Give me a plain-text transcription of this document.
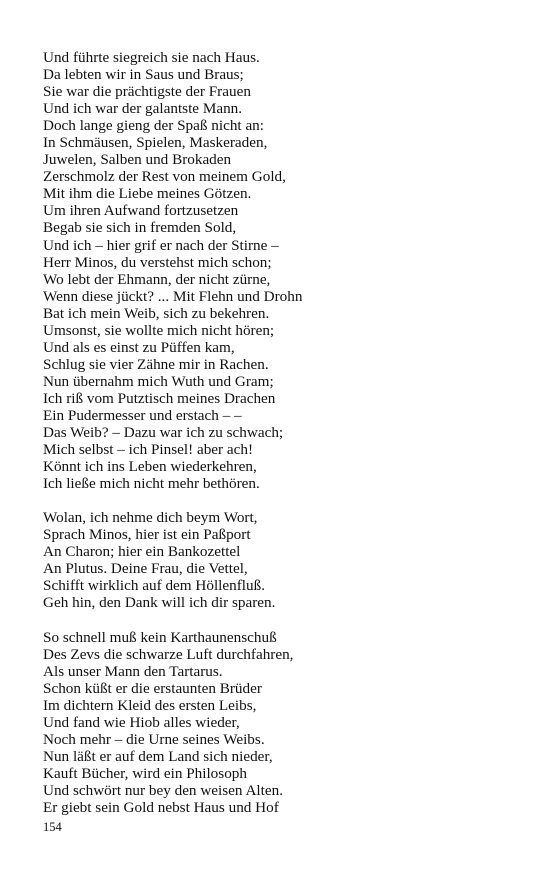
Und führte siegreich sie nach Haus.
Da lebten wir in Saus und Braus;
Sie war die prächtigste der Frauen
Und ich war der galantste Mann.
Doch lange gieng der Spaß nicht an:
In Schmäusen, Spielen, Maskeraden,
Juwelen, Salben und Brokaden
Zerschmolz der Rest von meinem Gold,
Mit ihm die Liebe meines Götzen.
Um ihren Aufwand fortzusetzen
Begab sie sich in fremden Sold,
Und ich – hier grif er nach der Stirne –
Herr Minos, du verstehst mich schon;
Wo lebt der Ehmann, der nicht zürne,
Wenn diese jückt? ... Mit Flehn und Drohn
Bat ich mein Weib, sich zu bekehren.
Umsonst, sie wollte mich nicht hören;
Und als es einst zu Püffen kam,
Schlug sie vier Zähne mir in Rachen.
Nun übernahm mich Wuth und Gram;
Ich riß vom Putztisch meines Drachen
Ein Pudermesser und erstach – –
Das Weib? – Dazu war ich zu schwach;
Mich selbst – ich Pinsel! aber ach!
Könnt ich ins Leben wiederkehren,
Ich ließe mich nicht mehr bethören.
Wolan, ich nehme dich beym Wort,
Sprach Minos, hier ist ein Paßport
An Charon; hier ein Bankozettel
An Plutus. Deine Frau, die Vettel,
Schifft wirklich auf dem Höllenfluß.
Geh hin, den Dank will ich dir sparen.
So schnell muß kein Karthaunenschuß
Des Zevs die schwarze Luft durchfahren,
Als unser Mann den Tartarus.
Schon küßt er die erstaunten Brüder
Im dichtern Kleid des ersten Leibs,
Und fand wie Hiob alles wieder,
Noch mehr – die Urne seines Weibs.
Nun läßt er auf dem Land sich nieder,
Kauft Bücher, wird ein Philosoph
Und schwört nur bey den weisen Alten.
Er giebt sein Gold nebst Haus und Hof
154
